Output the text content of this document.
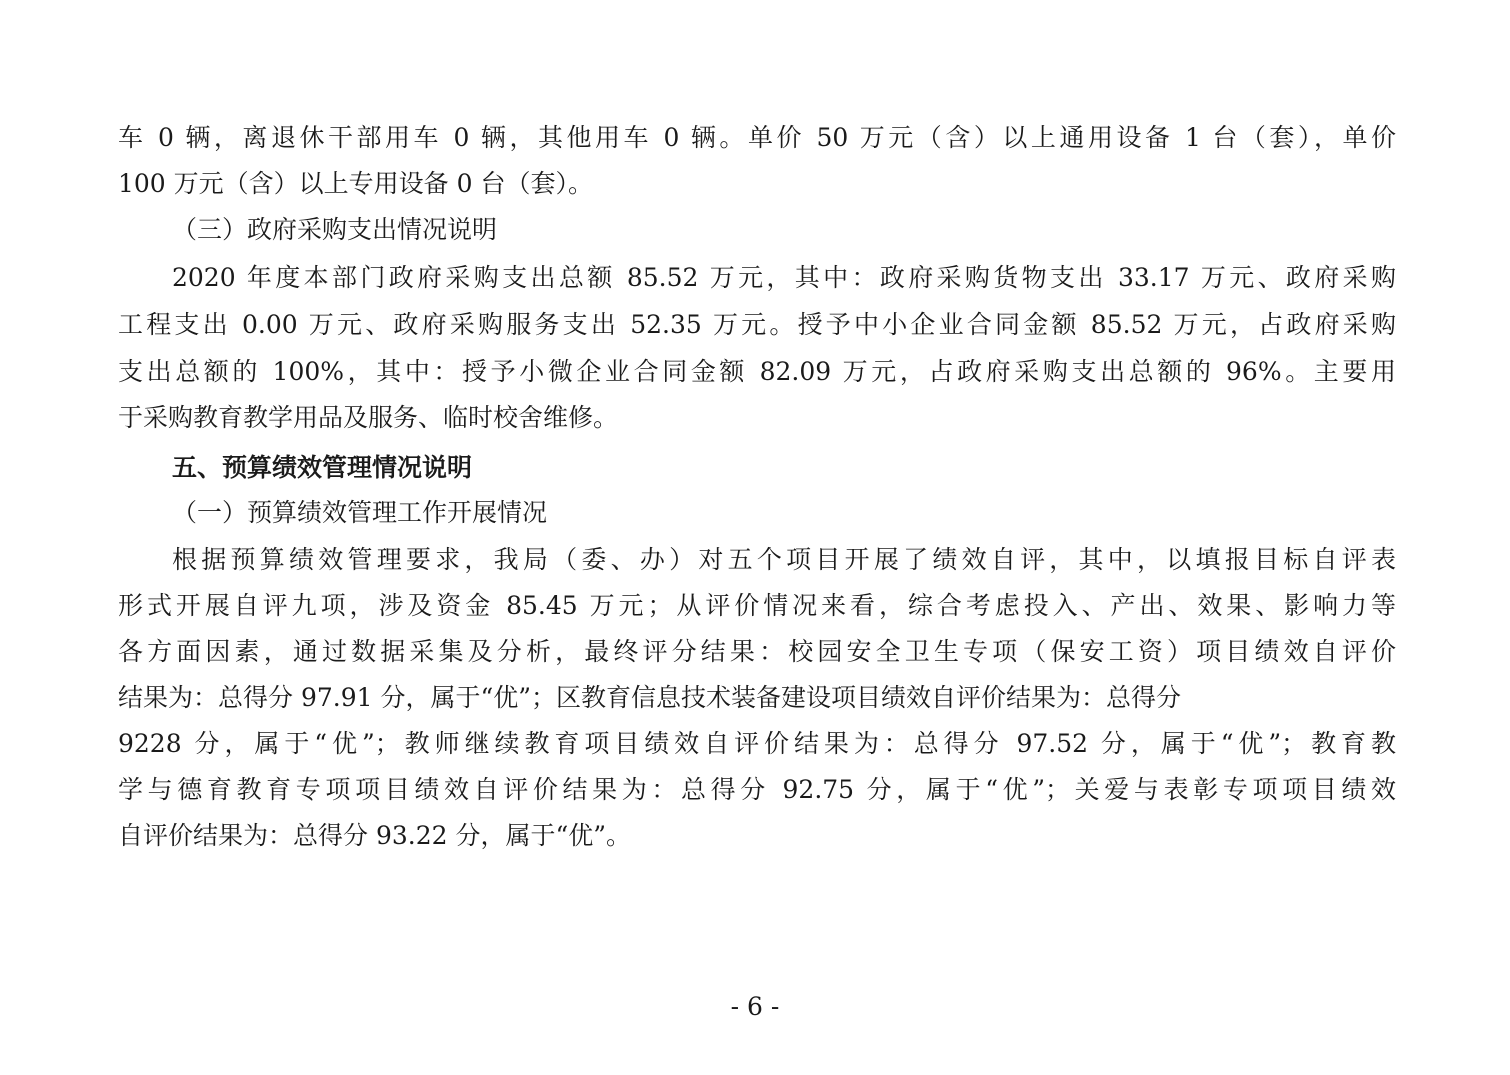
车 0 辆，离退休干部用车 0 辆，其他用车 0 辆。单价 50 万元（含）以上通用设备 1 台（套），单价
100 万元（含）以上专用设备 0 台（套）。
（三）政府采购支出情况说明
2020 年度本部门政府采购支出总额 85.52 万元，其中：政府采购货物支出 33.17 万元、政府采购
工程支出 0.00 万元、政府采购服务支出 52.35 万元。授予中小企业合同金额 85.52 万元，占政府采购
支出总额的 100%，其中：授予小微企业合同金额 82.09 万元，占政府采购支出总额的 96%。主要用
于采购教育教学用品及服务、临时校舍维修。
五、预算绩效管理情况说明
（一）预算绩效管理工作开展情况
根据预算绩效管理要求，我局（委、办）对五个项目开展了绩效自评，其中，以填报目标自评表
形式开展自评九项，涉及资金 85.45 万元；从评价情况来看，综合考虑投入、产出、效果、影响力等
各方面因素，通过数据采集及分析，最终评分结果：校园安全卫生专项（保安工资）项目绩效自评价
结果为：总得分 97.91 分，属于“优”；区教育信息技术装备建设项目绩效自评价结果为：总得分
9228 分，属于“优”；教师继续教育项目绩效自评价结果为：总得分 97.52 分，属于“优”；教育教
学与德育教育专项项目绩效自评价结果为：总得分 92.75 分，属于“优”；关爱与表彰专项项目绩效
自评价结果为：总得分 93.22 分，属于“优”。
- 6 -
